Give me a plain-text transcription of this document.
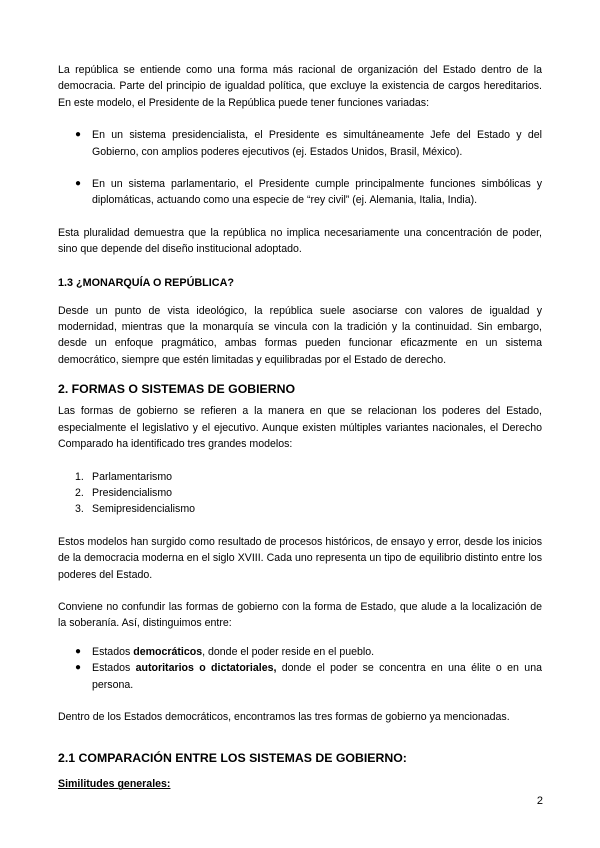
La república se entiende como una forma más racional de organización del Estado dentro de la democracia. Parte del principio de igualdad política, que excluye la existencia de cargos hereditarios. En este modelo, el Presidente de la República puede tener funciones variadas:

● En un sistema presidencialista, el Presidente es simultáneamente Jefe del Estado y del Gobierno, con amplios poderes ejecutivos (ej. Estados Unidos, Brasil, México).
● En un sistema parlamentario, el Presidente cumple principalmente funciones simbólicas y diplomáticas, actuando como una especie de “rey civil” (ej. Alemania, Italia, India).

Esta pluralidad demuestra que la república no implica necesariamente una concentración de poder, sino que depende del diseño institucional adoptado.

1.3 ¿MONARQUÍA O REPÚBLICA?

Desde un punto de vista ideológico, la república suele asociarse con valores de igualdad y modernidad, mientras que la monarquía se vincula con la tradición y la continuidad. Sin embargo, desde un enfoque pragmático, ambas formas pueden funcionar eficazmente en un sistema democrático, siempre que estén limitadas y equilibradas por el Estado de derecho.

2. FORMAS O SISTEMAS DE GOBIERNO

Las formas de gobierno se refieren a la manera en que se relacionan los poderes del Estado, especialmente el legislativo y el ejecutivo. Aunque existen múltiples variantes nacionales, el Derecho Comparado ha identificado tres grandes modelos:

1. Parlamentarismo
2. Presidencialismo
3. Semipresidencialismo

Estos modelos han surgido como resultado de procesos históricos, de ensayo y error, desde los inicios de la democracia moderna en el siglo XVIII. Cada uno representa un tipo de equilibrio distinto entre los poderes del Estado.

Conviene no confundir las formas de gobierno con la forma de Estado, que alude a la localización de la soberanía. Así, distinguimos entre:

● Estados democráticos, donde el poder reside en el pueblo.
● Estados autoritarios o dictatoriales, donde el poder se concentra en una élite o en una persona.

Dentro de los Estados democráticos, encontramos las tres formas de gobierno ya mencionadas.

2.1 COMPARACIÓN ENTRE LOS SISTEMAS DE GOBIERNO:
Similitudes generales:
2
